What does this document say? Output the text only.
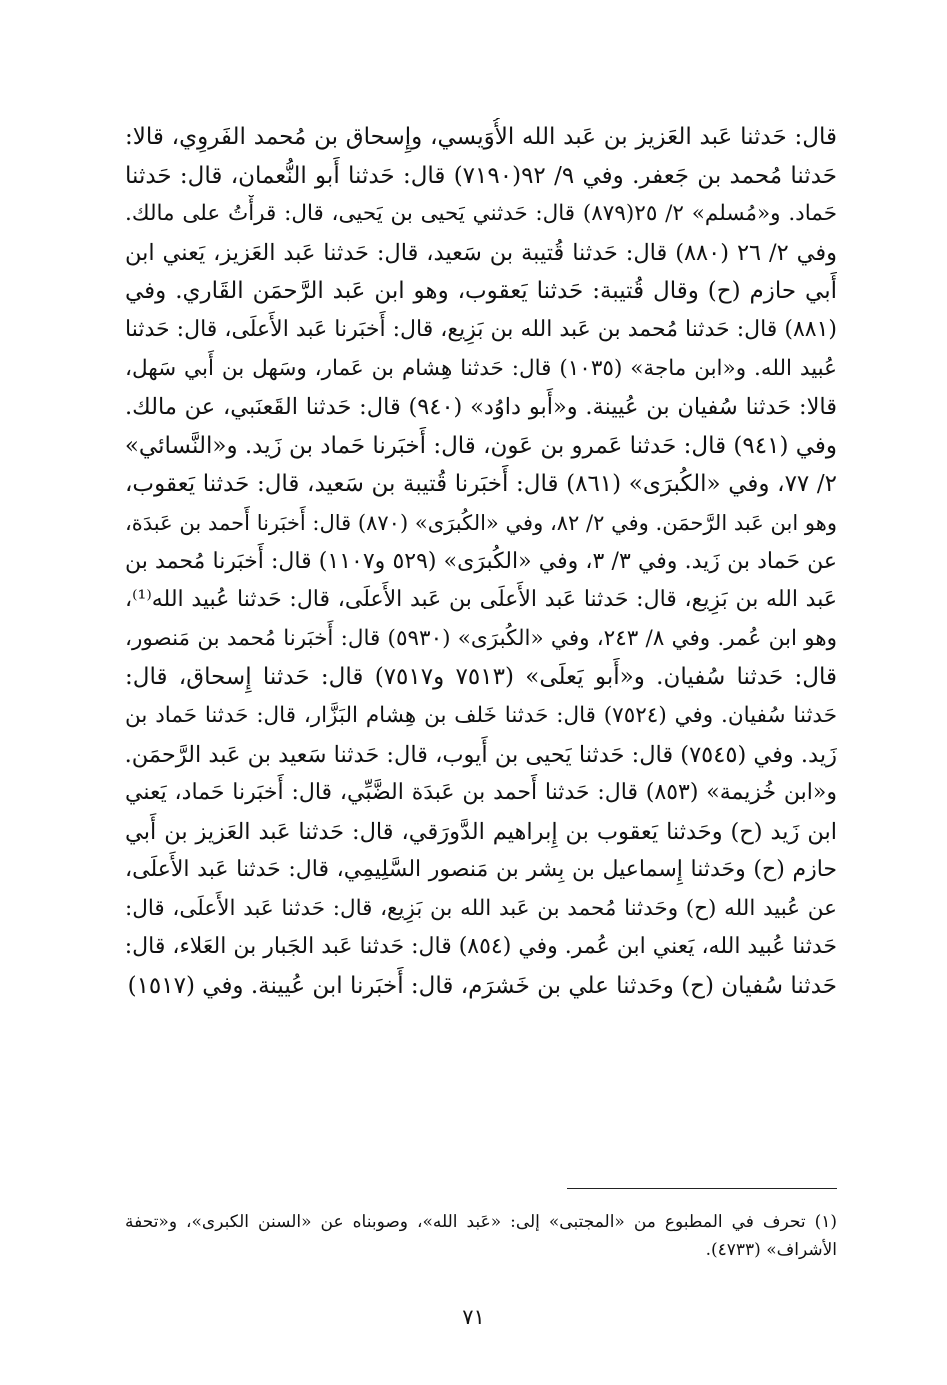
قال: حَدثنا عَبد العَزيز بن عَبد الله الأُوَيسي، وإِسحاق بن مُحمد الفَروِي، قالا:
حَدثنا مُحمد بن جَعفر. وفي ٩/ ٩٢(٧١٩٠) قال: حَدثنا أَبو النُّعمان، قال: حَدثنا
حَماد. و«مُسلم» ٢/ ٢٥(٨٧٩) قال: حَدثني يَحيى بن يَحيى، قال: قرأْتُ على مالك.
وفي ٢/ ٢٦ (٨٨٠) قال: حَدثنا قُتيبة بن سَعيد، قال: حَدثنا عَبد العَزيز، يَعني ابن
أَبي حازم (ح) وقال قُتيبة: حَدثنا يَعقوب، وهو ابن عَبد الرَّحمَن القَاري. وفي
(٨٨١) قال: حَدثنا مُحمد بن عَبد الله بن بَزِيع، قال: أَخبَرنا عَبد الأَعلَى، قال: حَدثنا
عُبيد الله. و«ابن ماجة» (١٠٣٥) قال: حَدثنا هِشام بن عَمار، وسَهل بن أَبي سَهل،
قالا: حَدثنا سُفيان بن عُيينة. و«أَبو داوُد» (٩٤٠) قال: حَدثنا القَعنَبي، عن مالك.
وفي (٩٤١) قال: حَدثنا عَمرو بن عَون، قال: أَخبَرنا حَماد بن زَيد. و«النَّسائي»
٢/ ٧٧، وفي «الكُبرَى» (٨٦١) قال: أَخبَرنا قُتيبة بن سَعيد، قال: حَدثنا يَعقوب،
وهو ابن عَبد الرَّحمَن. وفي ٢/ ٨٢، وفي «الكُبرَى» (٨٧٠) قال: أَخبَرنا أَحمد بن عَبدَة،
عن حَماد بن زَيد. وفي ٣/ ٣، وفي «الكُبرَى» (٥٢٩ و١١٠٧) قال: أَخبَرنا مُحمد بن
عَبد الله بن بَزِيع، قال: حَدثنا عَبد الأَعلَى بن عَبد الأَعلَى، قال: حَدثنا عُبيد الله⁽¹⁾،
وهو ابن عُمر. وفي ٨/ ٢٤٣، وفي «الكُبرَى» (٥٩٣٠) قال: أَخبَرنا مُحمد بن مَنصور،
قال: حَدثنا سُفيان. و«أَبو يَعلَى» (٧٥١٣ و٧٥١٧) قال: حَدثنا إِسحاق، قال:
حَدثنا سُفيان. وفي (٧٥٢٤) قال: حَدثنا خَلف بن هِشام البَزَّار، قال: حَدثنا حَماد بن
زَيد. وفي (٧٥٤٥) قال: حَدثنا يَحيى بن أَيوب، قال: حَدثنا سَعيد بن عَبد الرَّحمَن.
و«ابن خُزيمة» (٨٥٣) قال: حَدثنا أَحمد بن عَبدَة الضَّبِّي، قال: أَخبَرنا حَماد، يَعني
ابن زَيد (ح) وحَدثنا يَعقوب بن إِبراهيم الدَّورَقي، قال: حَدثنا عَبد العَزيز بن أَبي
حازم (ح) وحَدثنا إِسماعيل بن بِشر بن مَنصور السَّلِيمِي، قال: حَدثنا عَبد الأَعلَى،
عن عُبيد الله (ح) وحَدثنا مُحمد بن عَبد الله بن بَزِيع، قال: حَدثنا عَبد الأَعلَى، قال:
حَدثنا عُبيد الله، يَعني ابن عُمر. وفي (٨٥٤) قال: حَدثنا عَبد الجَبار بن العَلاء، قال:
حَدثنا سُفيان (ح) وحَدثنا علي بن خَشرَم، قال: أَخبَرنا ابن عُيينة. وفي (١٥١٧)
(١) تحرف في المطبوع من «المجتبى» إلى: «عَبد الله»، وصوبناه عن «السنن الكبرى»، و«تحفة
الأشراف» (٤٧٣٣).
٧١
